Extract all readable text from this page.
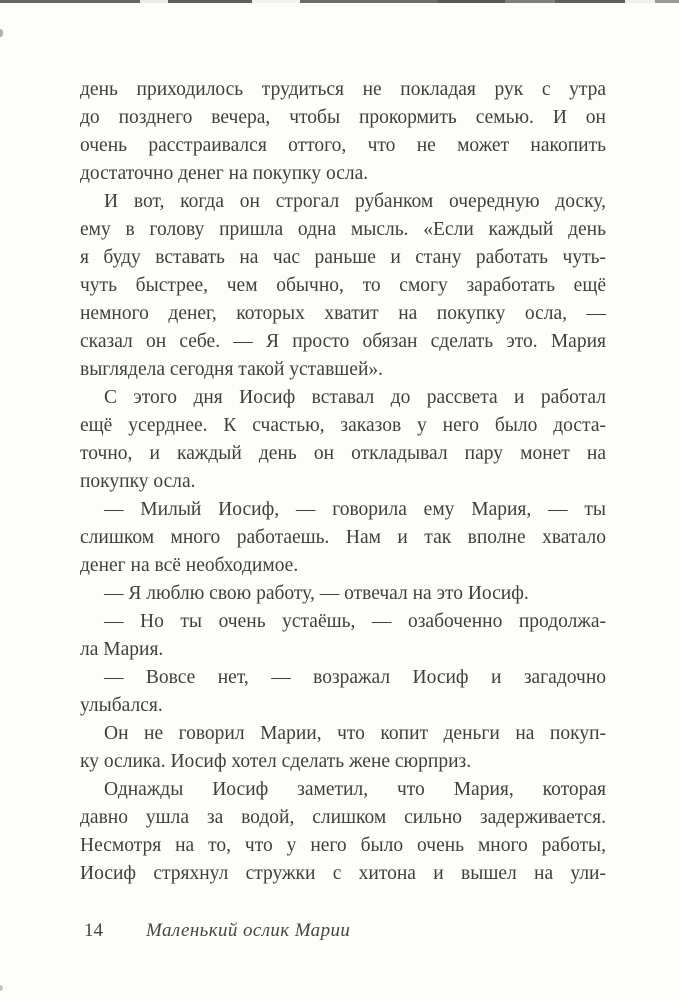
день приходилось трудиться не покладая рук с утра
до позднего вечера, чтобы прокормить семью. И он
очень расстраивался оттого, что не может накопить
достаточно денег на покупку осла.
И вот, когда он строгал рубанком очередную доску,
ему в голову пришла одна мысль. «Если каждый день
я буду вставать на час раньше и стану работать чуть-
чуть быстрее, чем обычно, то смогу заработать ещё
немного денег, которых хватит на покупку осла, —
сказал он себе. — Я просто обязан сделать это. Мария
выглядела сегодня такой уставшей».
С этого дня Иосиф вставал до рассвета и работал
ещё усерднее. К счастью, заказов у него было доста-
точно, и каждый день он откладывал пару монет на
покупку осла.
— Милый Иосиф, — говорила ему Мария, — ты
слишком много работаешь. Нам и так вполне хватало
денег на всё необходимое.
— Я люблю свою работу, — отвечал на это Иосиф.
— Но ты очень устаёшь, — озабоченно продолжа-
ла Мария.
— Вовсе нет, — возражал Иосиф и загадочно
улыбался.
Он не говорил Марии, что копит деньги на покуп-
ку ослика. Иосиф хотел сделать жене сюрприз.
Однажды Иосиф заметил, что Мария, которая
давно ушла за водой, слишком сильно задерживается.
Несмотря на то, что у него было очень много работы,
Иосиф стряхнул стружки с хитона и вышел на ули-
14	Маленький ослик Марии
